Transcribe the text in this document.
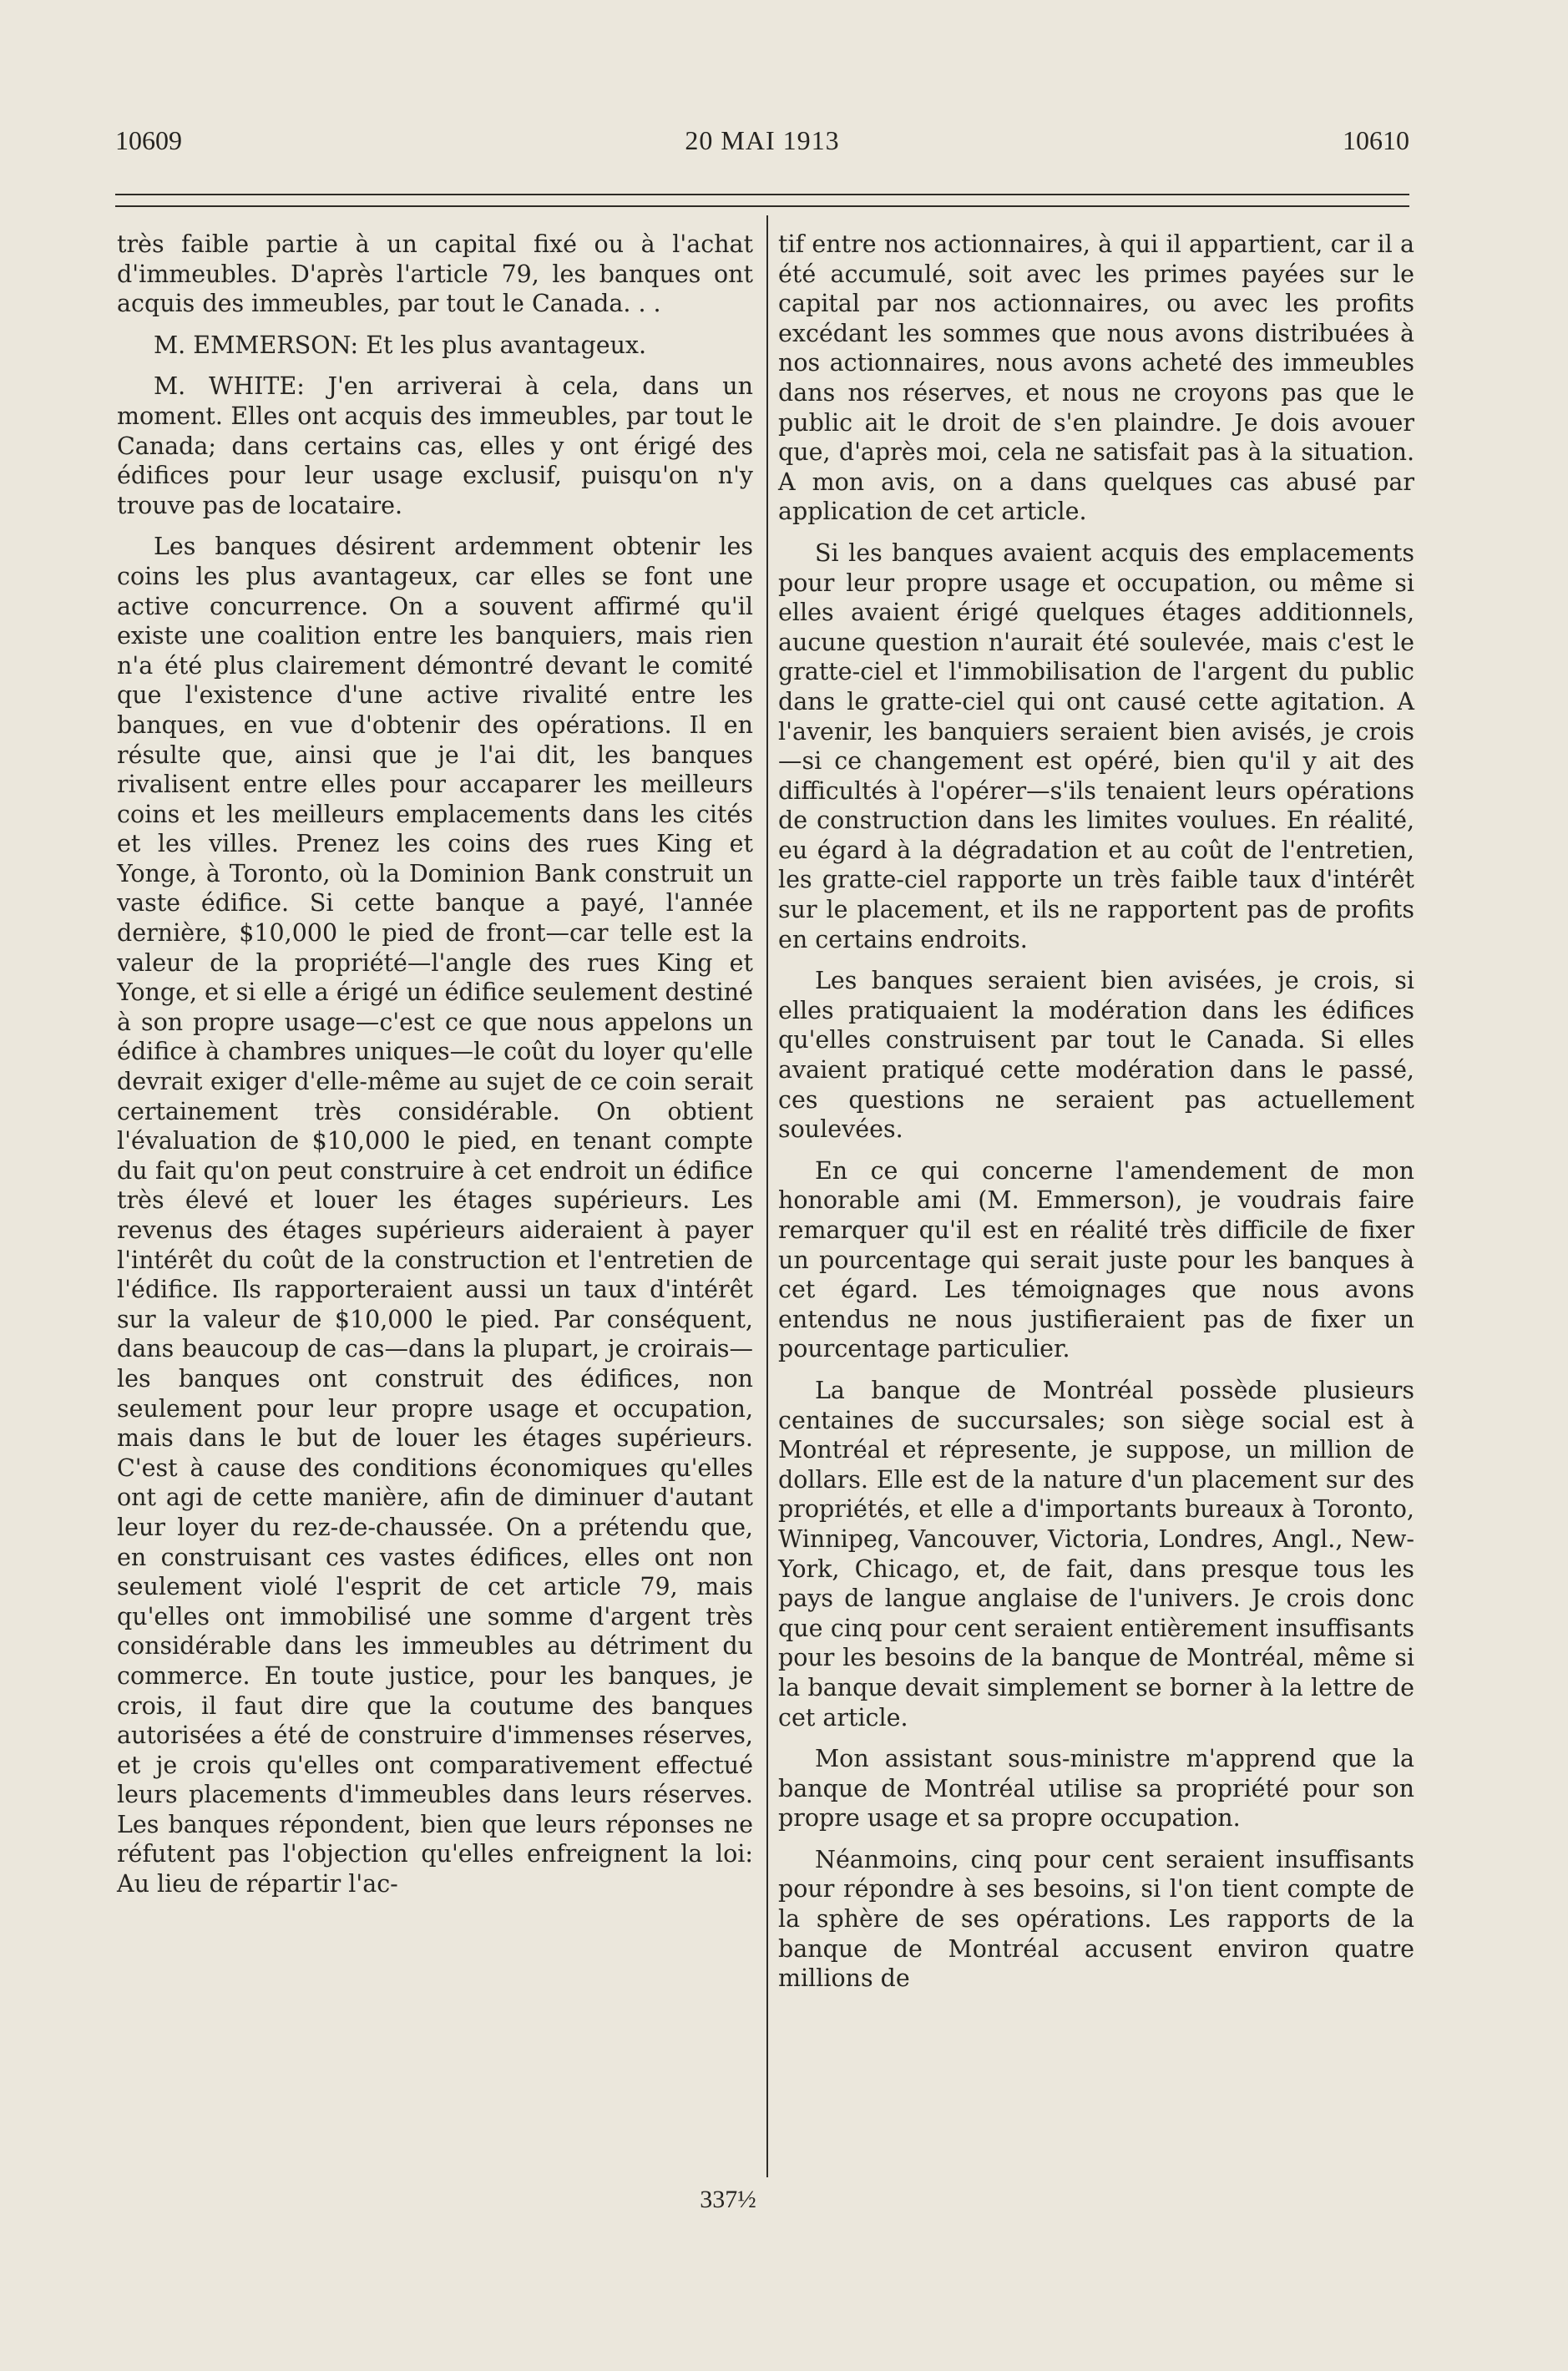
20 MAI 1913
10609	10610

très faible partie à un capital fixé ou à l'achat d'immeubles. D'après l'article 79, les banques ont acquis des immeubles, par tout le Canada. . .

M. EMMERSON: Et les plus avantageux.

M. WHITE: J'en arriverai à cela, dans un moment. Elles ont acquis des immeubles, par tout le Canada; dans certains cas, elles y ont érigé des édifices pour leur usage exclusif, puisqu'on n'y trouve pas de locataire.

Les banques désirent ardemment obtenir les coins les plus avantageux, car elles se font une active concurrence. On a souvent affirmé qu'il existe une coalition entre les banquiers, mais rien n'a été plus clairement démontré devant le comité que l'existence d'une active rivalité entre les banques, en vue d'obtenir des opérations. Il en résulte que, ainsi que je l'ai dit, les banques rivalisent entre elles pour accaparer les meilleurs coins et les meilleurs emplacements dans les cités et les villes. Prenez les coins des rues King et Yonge, à Toronto, où la Dominion Bank construit un vaste édifice. Si cette banque a payé, l'année dernière, $10,000 le pied de front—car telle est la valeur de la propriété—l'angle des rues King et Yonge, et si elle a érigé un édifice seulement destiné à son propre usage—c'est ce que nous appelons un édifice à chambres uniques—le coût du loyer qu'elle devrait exiger d'elle-même au sujet de ce coin serait certainement très considérable. On obtient l'évaluation de $10,000 le pied, en tenant compte du fait qu'on peut construire à cet endroit un édifice très élevé et louer les étages supérieurs. Les revenus des étages supérieurs aideraient à payer l'intérêt du coût de la construction et l'entretien de l'édifice. Ils rapporteraient aussi un taux d'intérêt sur la valeur de $10,000 le pied. Par conséquent, dans beaucoup de cas—dans la plupart, je croirais—les banques ont construit des édifices, non seulement pour leur propre usage et occupation, mais dans le but de louer les étages supérieurs. C'est à cause des conditions économiques qu'elles ont agi de cette manière, afin de diminuer d'autant leur loyer du rez-de-chaussée. On a prétendu que, en construisant ces vastes édifices, elles ont non seulement violé l'esprit de cet article 79, mais qu'elles ont immobilisé une somme d'argent très considérable dans les immeubles au détriment du commerce. En toute justice, pour les banques, je crois, il faut dire que la coutume des banques autorisées a été de construire d'immenses réserves, et je crois qu'elles ont comparativement effectué leurs placements d'immeubles dans leurs réserves. Les banques répondent, bien que leurs réponses ne réfutent pas l'objection qu'elles enfreignent la loi: Au lieu de répartir l'ac-

tif entre nos actionnaires, à qui il appartient, car il a été accumulé, soit avec les primes payées sur le capital par nos actionnaires, ou avec les profits excédant les sommes que nous avons distribuées à nos actionnaires, nous avons acheté des immeubles dans nos réserves, et nous ne croyons pas que le public ait le droit de s'en plaindre. Je dois avouer que, d'après moi, cela ne satisfait pas à la situation. A mon avis, on a dans quelques cas abusé par application de cet article.

Si les banques avaient acquis des emplacements pour leur propre usage et occupation, ou même si elles avaient érigé quelques étages additionnels, aucune question n'aurait été soulevée, mais c'est le gratte-ciel et l'immobilisation de l'argent du public dans le gratte-ciel qui ont causé cette agitation. A l'avenir, les banquiers seraient bien avisés, je crois—si ce changement est opéré, bien qu'il y ait des difficultés à l'opérer—s'ils tenaient leurs opérations de construction dans les limites voulues. En réalité, eu égard à la dégradation et au coût de l'entretien, les gratte-ciel rapporte un très faible taux d'intérêt sur le placement, et ils ne rapportent pas de profits en certains endroits.

Les banques seraient bien avisées, je crois, si elles pratiquaient la modération dans les édifices qu'elles construisent par tout le Canada. Si elles avaient pratiqué cette modération dans le passé, ces questions ne seraient pas actuellement soulevées.

En ce qui concerne l'amendement de mon honorable ami (M. Emmerson), je voudrais faire remarquer qu'il est en réalité très difficile de fixer un pourcentage qui serait juste pour les banques à cet égard. Les témoignages que nous avons entendus ne nous justifieraient pas de fixer un pourcentage particulier.

La banque de Montréal possède plusieurs centaines de succursales; son siège social est à Montréal et répresente, je suppose, un million de dollars. Elle est de la nature d'un placement sur des propriétés, et elle a d'importants bureaux à Toronto, Winnipeg, Vancouver, Victoria, Londres, Angl., New-York, Chicago, et, de fait, dans presque tous les pays de langue anglaise de l'univers. Je crois donc que cinq pour cent seraient entièrement insuffisants pour les besoins de la banque de Montréal, même si la banque devait simplement se borner à la lettre de cet article.

Mon assistant sous-ministre m'apprend que la banque de Montréal utilise sa propriété pour son propre usage et sa propre occupation.

Néanmoins, cinq pour cent seraient insuffisants pour répondre à ses besoins, si l'on tient compte de la sphère de ses opérations. Les rapports de la banque de Montréal accusent environ quatre millions de

337½
